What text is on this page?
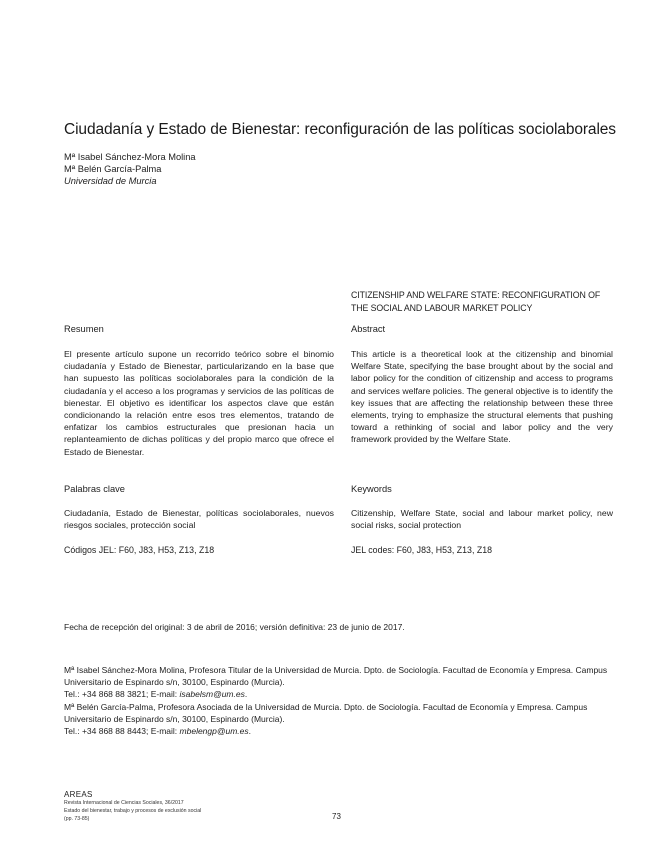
Ciudadanía y Estado de Bienestar: reconfiguración de las políticas sociolaborales
Mª Isabel Sánchez-Mora Molina
Mª Belén García-Palma
Universidad de Murcia
CITIZENSHIP AND WELFARE STATE: RECONFIGURATION OF THE SOCIAL AND LABOUR MARKET POLICY
Resumen	Abstract
El presente artículo supone un recorrido teórico sobre el binomio ciudadanía y Estado de Bienestar, particularizando en la base que han supuesto las políticas sociolaborales para la condición de la ciudadanía y el acceso a los programas y servicios de las políticas de bienestar. El objetivo es identificar los aspectos clave que están condicionando la relación entre esos tres elementos, tratando de enfatizar los cambios estructurales que presionan hacia un replanteamiento de dichas políticas y del propio marco que ofrece el Estado de Bienestar.
This article is a theoretical look at the citizenship and binomial Welfare State, specifying the base brought about by the social and labor policy for the condition of citizenship and access to programs and services welfare policies. The general objective is to identify the key issues that are affecting the relationship between these three elements, trying to emphasize the structural elements that pushing toward a rethinking of social and labor policy and the very framework provided by the Welfare State.
Palabras clave	Keywords
Ciudadanía, Estado de Bienestar, políticas sociolaborales, nuevos riesgos sociales, protección social
Citizenship, Welfare State, social and labour market policy, new social risks, social protection
Códigos JEL: F60, J83, H53, Z13, Z18	JEL codes: F60, J83, H53, Z13, Z18
Fecha de recepción del original: 3 de abril de 2016; versión definitiva: 23 de junio de 2017.
Mª Isabel Sánchez-Mora Molina, Profesora Titular de la Universidad de Murcia. Dpto. de Sociología. Facultad de Economía y Empresa. Campus Universitario de Espinardo s/n, 30100, Espinardo (Murcia).
Tel.: +34 868 88 3821; E-mail: isabelsm@um.es.
Mª Belén García-Palma, Profesora Asociada de la Universidad de Murcia. Dpto. de Sociología. Facultad de Economía y Empresa. Campus Universitario de Espinardo s/n, 30100, Espinardo (Murcia).
Tel.: +34 868 88 8443; E-mail: mbelengp@um.es.
AREAS
Revista Internacional de Ciencias Sociales, 36/2017
Estado del bienestar, trabajo y procesos de exclusión social
(pp. 73-85)	73
